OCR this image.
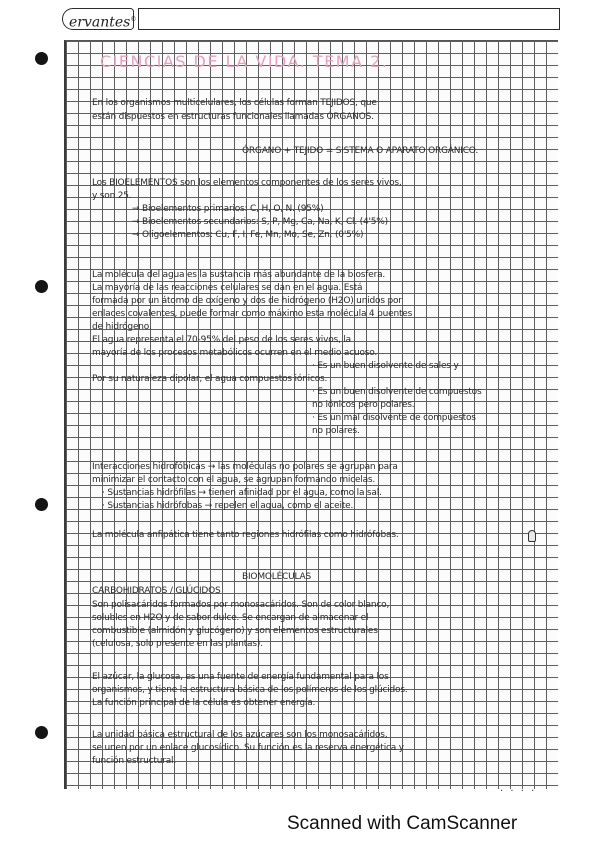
ervantes©
CIENCIAS DE LA VIDA. TEMA 2.
En los organismos multicelulares, los células forman TEJIDOS, que
están dispuestos en estructuras funcionales llamadas ÓRGANOS.
ÓRGANO + TEJIDO = SISTEMA O APARATO ORGÁNICO.
Los BIOELEMENTOS son los elementos componentes de los seres vivos,
y son 25.
→ Bioelementos primarios: C, H, O, N. (95%)
→ Bioelementos secundarios: S, P, Mg, Ca, Na, K, Cl. (4'5%)
→ Oligoelementos: Cu, F, I, Fe, Mn, Mo, Se, Zn. (0'5%)
La molécula del agua es la sustancia más abundante de la biosfera.
La mayoría de las reacciones celulares se dan en el agua. Está
formada por un átomo de oxígeno y dos de hidrógeno (H2O) unidos por
enlaces covalentes, puede formar como máximo esta molécula 4 puentes
de hidrógeno.
El agua representa el 70-95% del peso de los seres vivos, la
mayoría de los procesos metabólicos ocurren en el medio acuoso.
· Es un buen disolvente de sales y
Por su naturaleza dipolar, el agua compuestos iónicos.
· Es un buen disolvente de compuestos
no iónicos pero polares.
· Es un mal disolvente de compuestos
no polares.
Interacciones hidrofóbicas → las moléculas no polares se agrupan para
minimizar el contacto con el agua, se agrupan formando micelas.
· Sustancias hidrófilas → tienen afinidad por el agua, como la sal.
· Sustancias hidrófobas → repelen el agua, como el aceite.
La molécula anfipática tiene tanto regiones hidrófilas como hidrófobas.
BIOMOLÉCULAS
CARBOHIDRATOS / GLÚCIDOS
Son polisacáridos formados por monosacáridos. Son de color blanco,
solubles en H2O y de sabor dulce. Se encargan de almacenar el
combustible (almidón y glucógeno) y son elementos estructurales
(celulosa, solo presente en las plantas).
El azúcar, la glucosa, es una fuente de energía fundamental para los
organismos, y tiene la estructura básica de los polímeros de los glúcidos.
La función principal de la célula es obtener energía.
La unidad básica estructural de los azúcares son los monosacáridos,
se unen por un enlace glucosídico. Su función es la reserva energética y
función estructural.
· · · ·
Scanned with CamScanner
